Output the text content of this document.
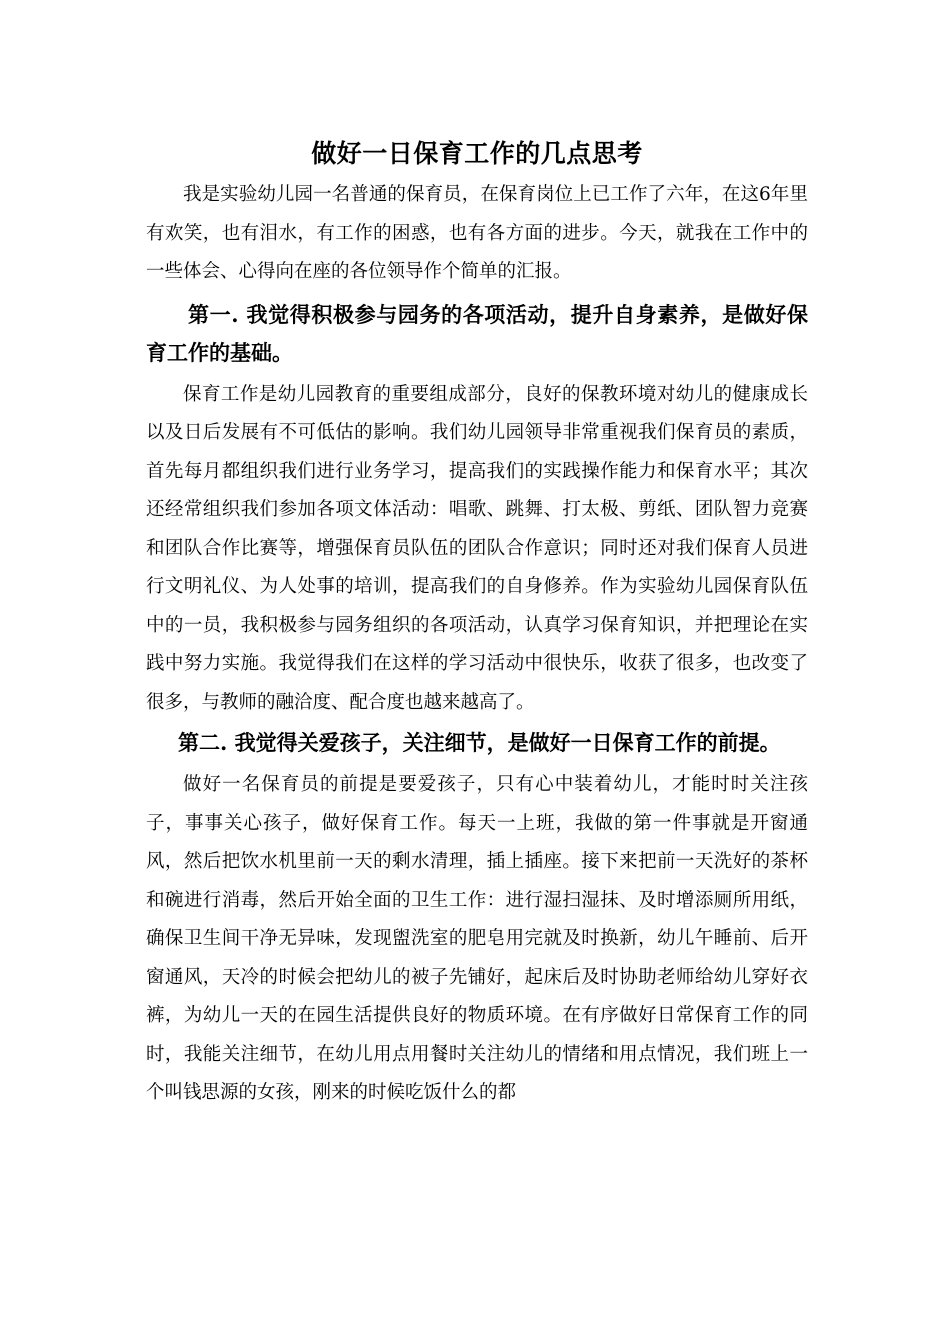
做好一日保育工作的几点思考

我是实验幼儿园一名普通的保育员，在保育岗位上已工作了六年，在这6年里有欢笑，也有泪水，有工作的困惑，也有各方面的进步。今天，就我在工作中的一些体会、心得向在座的各位领导作个简单的汇报。

第一. 我觉得积极参与园务的各项活动，提升自身素养，是做好保育工作的基础。

保育工作是幼儿园教育的重要组成部分，良好的保教环境对幼儿的健康成长以及日后发展有不可低估的影响。我们幼儿园领导非常重视我们保育员的素质，首先每月都组织我们进行业务学习，提高我们的实践操作能力和保育水平；其次还经常组织我们参加各项文体活动：唱歌、跳舞、打太极、剪纸、团队智力竞赛和团队合作比赛等，增强保育员队伍的团队合作意识；同时还对我们保育人员进行文明礼仪、为人处事的培训，提高我们的自身修养。作为实验幼儿园保育队伍中的一员，我积极参与园务组织的各项活动，认真学习保育知识，并把理论在实践中努力实施。我觉得我们在这样的学习活动中很快乐，收获了很多，也改变了很多，与教师的融洽度、配合度也越来越高了。

第二. 我觉得关爱孩子，关注细节，是做好一日保育工作的前提。

做好一名保育员的前提是要爱孩子，只有心中装着幼儿，才能时时关注孩子，事事关心孩子，做好保育工作。每天一上班，我做的第一件事就是开窗通风，然后把饮水机里前一天的剩水清理，插上插座。接下来把前一天洗好的茶杯和碗进行消毒，然后开始全面的卫生工作：进行湿扫湿抹、及时增添厕所用纸，确保卫生间干净无异味，发现盥洗室的肥皂用完就及时换新，幼儿午睡前、后开窗通风，天冷的时候会把幼儿的被子先铺好，起床后及时协助老师给幼儿穿好衣裤，为幼儿一天的在园生活提供良好的物质环境。在有序做好日常保育工作的同时，我能关注细节，在幼儿用点用餐时关注幼儿的情绪和用点情况，我们班上一个叫钱思源的女孩，刚来的时候吃饭什么的都
